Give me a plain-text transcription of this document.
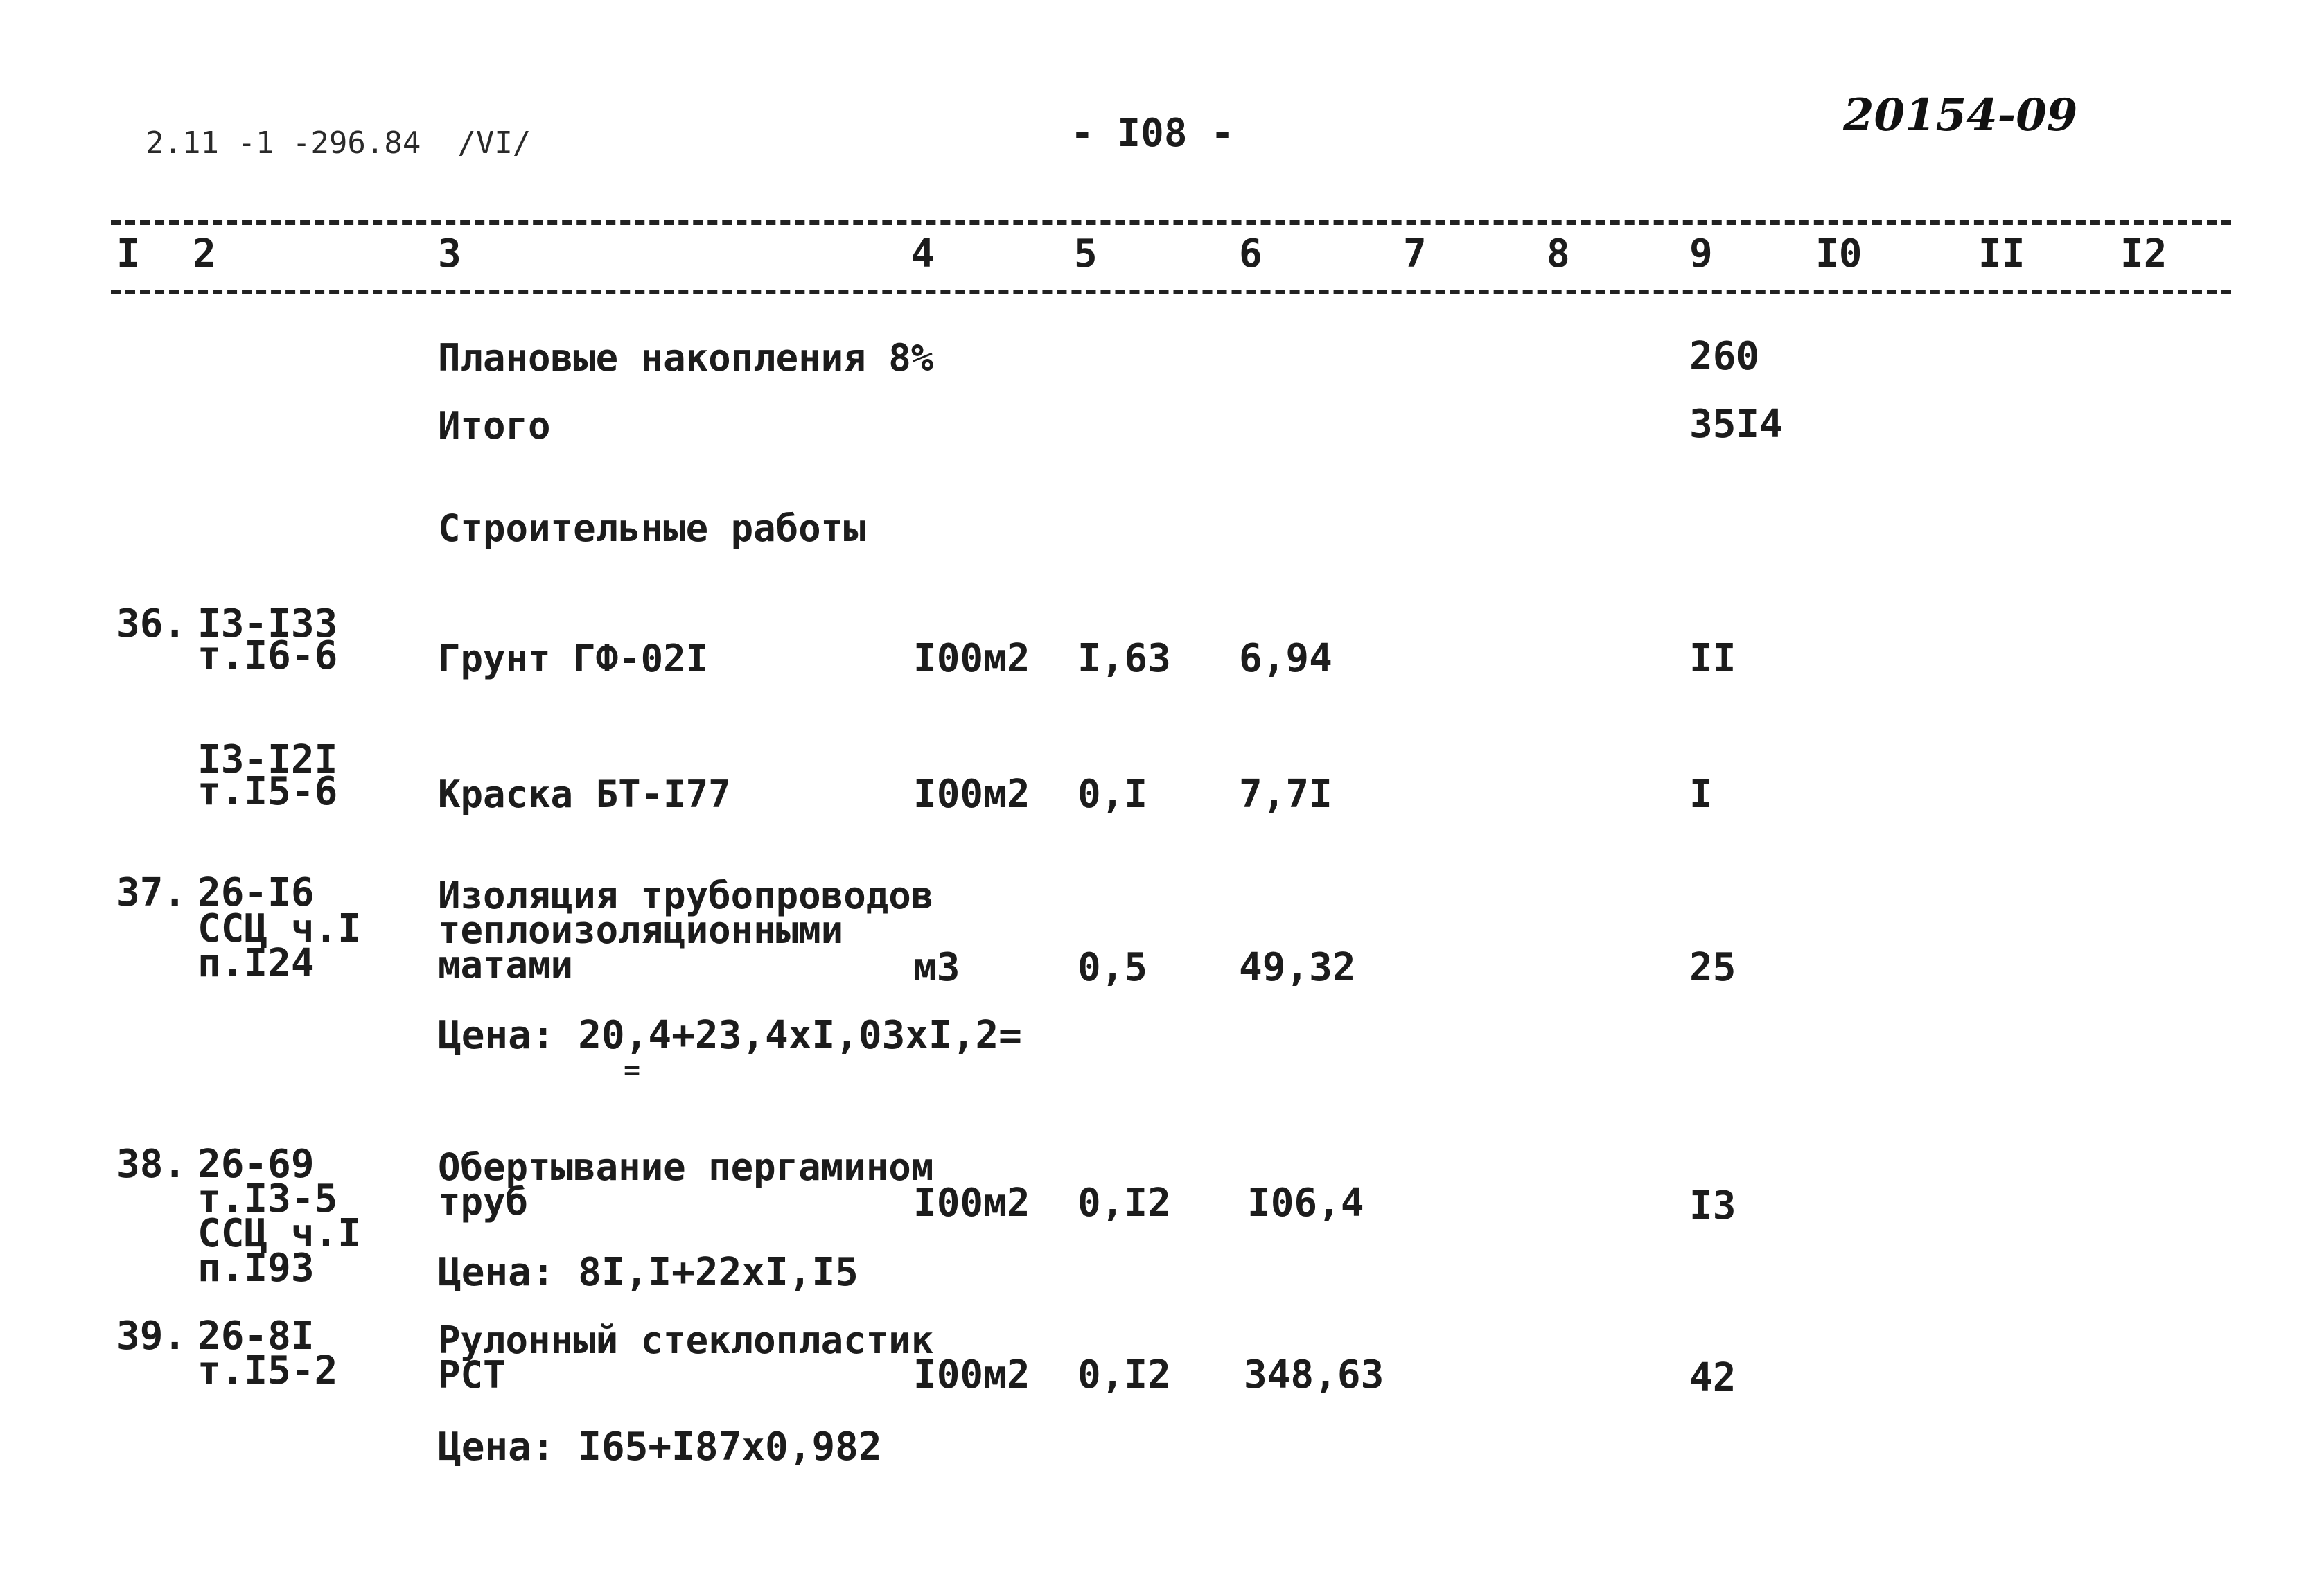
2.11 -1 -296.84  /VI/	- I08 -	20154-09
I 2	3	4	5	6	7	8	9	I0	II I2
Плановые накопления 8%	260
Итого	35I4
Строительные работы
36. I3-I33
т.I6-6	Грунт ГФ-02I	I00м2 I,63 6,94	II
I3-I2I
т.I5-6	Краска БТ-I77	I00м2 0,I 7,7I	I
37. 26-I6
ССЦ ч.I
п.I24
Изоляция трубопроводов
теплоизоляционными
матами	м3	0,5 49,32	25
Цена: 20,4+23,4xI,03xI,2=
=
38. 26-69
т.I3-5
ССЦ ч.I
п.I93
Обертывание пергамином
труб	I00м2 0,I2 I06,4	I3
Цена: 8I,I+22xI,I5
39. 26-8I
т.I5-2
Рулонный стеклопластик
РСТ	I00м2 0,I2 348,63	42
Цена: I65+I87x0,982
